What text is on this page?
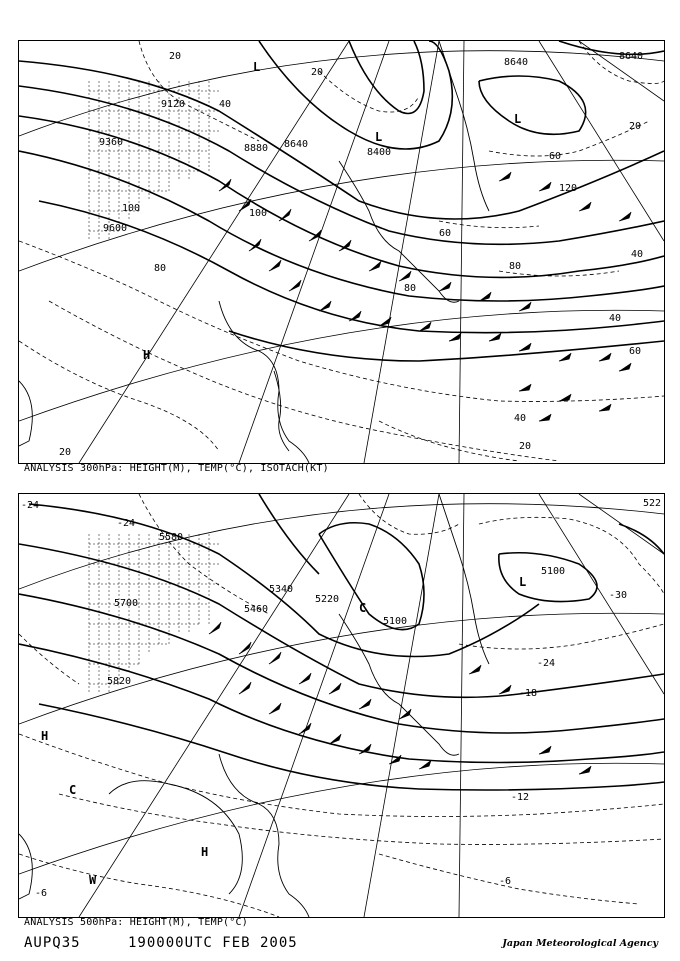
9120
9360
9600
8880 8640
8400
8640
8640
20
40
60
80
100
120
40
60
80
20
40
60
80
100
40
20
20
20
L
L
L
H
ANALYSIS 300hPa: HEIGHT(M), TEMP(°C), ISOTACH(KT)
5580
5700
5820
5460
5340
5220
5100
5100
522
-24
-30
-24
-18
-12
-6
-6
-24
H
C
H
W
C
L
ANALYSIS 500hPa: HEIGHT(M), TEMP(°C)
AUPQ35	190000UTC FEB 2005	Japan Meteorological Agency
